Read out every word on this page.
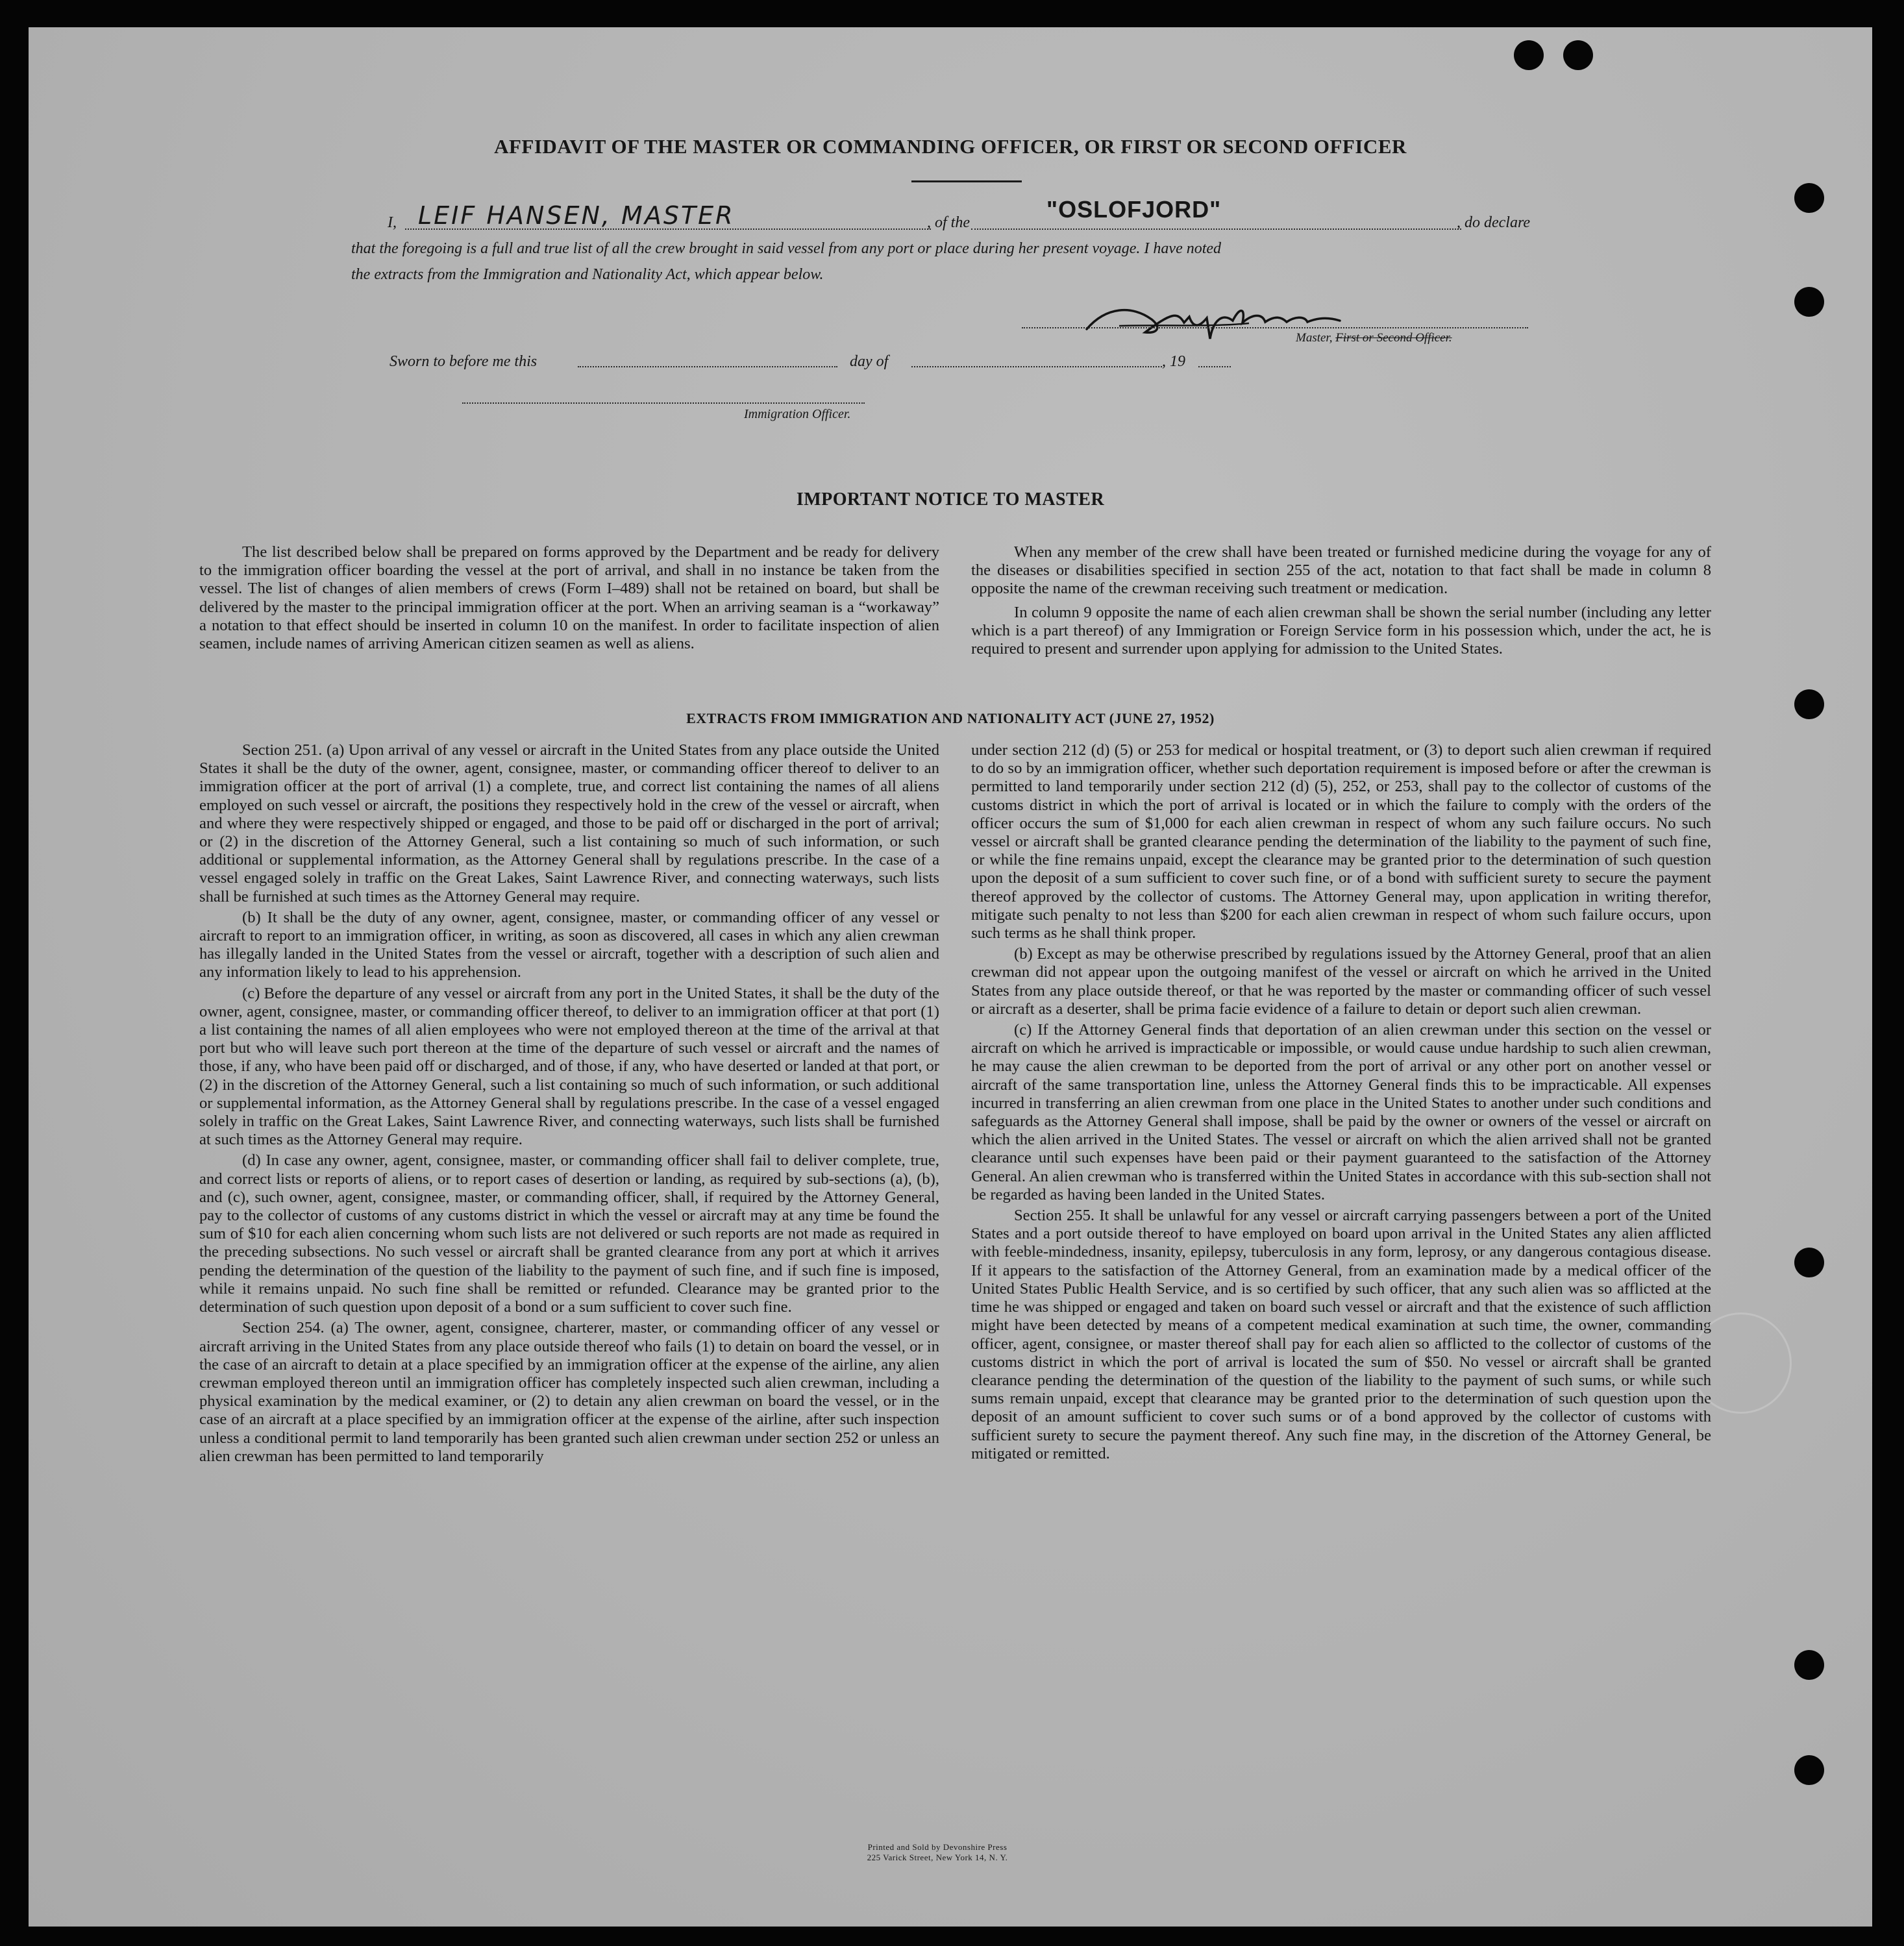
AFFIDAVIT OF THE MASTER OR COMMANDING OFFICER, OR FIRST OR SECOND OFFICER
I, LEIF HANSEN, MASTER	, of the	"OSLOFJORD"	, do declare
that the foregoing is a full and true list of all the crew brought in said vessel from any port or place during her present voyage. I have noted
the extracts from the Immigration and Nationality Act, which appear below.
Master, First or Second Officer.
Sworn to before me this	day of	, 19
Immigration Officer.
IMPORTANT NOTICE TO MASTER

The list described below shall be prepared on forms approved by the Department and be ready for delivery to the immigration officer boarding the vessel at the port of arrival, and shall in no instance be taken from the vessel. The list of changes of alien members of crews (Form I–489) shall not be retained on board, but shall be delivered by the master to the principal immigration officer at the port. When an arriving seaman is a “workaway” a notation to that effect should be inserted in column 10 on the manifest. In order to facilitate inspection of alien seamen, include names of arriving American citizen seamen as well as aliens.

When any member of the crew shall have been treated or furnished medicine during the voyage for any of the diseases or disabilities specified in section 255 of the act, notation to that fact shall be made in column 8 opposite the name of the crewman receiving such treatment or medication.

In column 9 opposite the name of each alien crewman shall be shown the serial number (including any letter which is a part thereof) of any Immigration or Foreign Service form in his possession which, under the act, he is required to present and surrender upon applying for admission to the United States.

EXTRACTS FROM IMMIGRATION AND NATIONALITY ACT (JUNE 27, 1952)

Section 251. (a) Upon arrival of any vessel or aircraft in the United States from any place outside the United States it shall be the duty of the owner, agent, consignee, master, or commanding officer thereof to deliver to an immigration officer at the port of arrival (1) a complete, true, and correct list containing the names of all aliens employed on such vessel or aircraft, the positions they respectively hold in the crew of the vessel or aircraft, when and where they were respectively shipped or engaged, and those to be paid off or discharged in the port of arrival; or (2) in the discretion of the Attorney General, such a list containing so much of such information, or such additional or supplemental information, as the Attorney General shall by regulations prescribe. In the case of a vessel engaged solely in traffic on the Great Lakes, Saint Lawrence River, and connecting waterways, such lists shall be furnished at such times as the Attorney General may require.

(b) It shall be the duty of any owner, agent, consignee, master, or commanding officer of any vessel or aircraft to report to an immigration officer, in writing, as soon as discovered, all cases in which any alien crewman has illegally landed in the United States from the vessel or aircraft, together with a description of such alien and any information likely to lead to his apprehension.

(c) Before the departure of any vessel or aircraft from any port in the United States, it shall be the duty of the owner, agent, consignee, master, or commanding officer thereof, to deliver to an immigration officer at that port (1) a list containing the names of all alien employees who were not employed thereon at the time of the arrival at that port but who will leave such port thereon at the time of the departure of such vessel or aircraft and the names of those, if any, who have been paid off or discharged, and of those, if any, who have deserted or landed at that port, or (2) in the discretion of the Attorney General, such a list containing so much of such information, or such additional or supplemental information, as the Attorney General shall by regulations prescribe. In the case of a vessel engaged solely in traffic on the Great Lakes, Saint Lawrence River, and connecting waterways, such lists shall be furnished at such times as the Attorney General may require.

(d) In case any owner, agent, consignee, master, or commanding officer shall fail to deliver complete, true, and correct lists or reports of aliens, or to report cases of desertion or landing, as required by sub-sections (a), (b), and (c), such owner, agent, consignee, master, or commanding officer, shall, if required by the Attorney General, pay to the collector of customs of any customs district in which the vessel or aircraft may at any time be found the sum of $10 for each alien concerning whom such lists are not delivered or such reports are not made as required in the preceding subsections. No such vessel or aircraft shall be granted clearance from any port at which it arrives pending the determination of the question of the liability to the payment of such fine, and if such fine is imposed, while it remains unpaid. No such fine shall be remitted or refunded. Clearance may be granted prior to the determination of such question upon deposit of a bond or a sum sufficient to cover such fine.

Section 254. (a) The owner, agent, consignee, charterer, master, or commanding officer of any vessel or aircraft arriving in the United States from any place outside thereof who fails (1) to detain on board the vessel, or in the case of an aircraft to detain at a place specified by an immigration officer at the expense of the airline, any alien crewman employed thereon until an immigration officer has completely inspected such alien crewman, including a physical examination by the medical examiner, or (2) to detain any alien crewman on board the vessel, or in the case of an aircraft at a place specified by an immigration officer at the expense of the airline, after such inspection unless a conditional permit to land temporarily has been granted such alien crewman under section 252 or unless an alien crewman has been permitted to land temporarily

under section 212 (d) (5) or 253 for medical or hospital treatment, or (3) to deport such alien crewman if required to do so by an immigration officer, whether such deportation requirement is imposed before or after the crewman is permitted to land temporarily under section 212 (d) (5), 252, or 253, shall pay to the collector of customs of the customs district in which the port of arrival is located or in which the failure to comply with the orders of the officer occurs the sum of $1,000 for each alien crewman in respect of whom any such failure occurs. No such vessel or aircraft shall be granted clearance pending the determination of the liability to the payment of such fine, or while the fine remains unpaid, except the clearance may be granted prior to the determination of such question upon the deposit of a sum sufficient to cover such fine, or of a bond with sufficient surety to secure the payment thereof approved by the collector of customs. The Attorney General may, upon application in writing therefor, mitigate such penalty to not less than $200 for each alien crewman in respect of whom such failure occurs, upon such terms as he shall think proper.

(b) Except as may be otherwise prescribed by regulations issued by the Attorney General, proof that an alien crewman did not appear upon the outgoing manifest of the vessel or aircraft on which he arrived in the United States from any place outside thereof, or that he was reported by the master or commanding officer of such vessel or aircraft as a deserter, shall be prima facie evidence of a failure to detain or deport such alien crewman.

(c) If the Attorney General finds that deportation of an alien crewman under this section on the vessel or aircraft on which he arrived is impracticable or impossible, or would cause undue hardship to such alien crewman, he may cause the alien crewman to be deported from the port of arrival or any other port on another vessel or aircraft of the same transportation line, unless the Attorney General finds this to be impracticable. All expenses incurred in transferring an alien crewman from one place in the United States to another under such conditions and safeguards as the Attorney General shall impose, shall be paid by the owner or owners of the vessel or aircraft on which the alien arrived in the United States. The vessel or aircraft on which the alien arrived shall not be granted clearance until such expenses have been paid or their payment guaranteed to the satisfaction of the Attorney General. An alien crewman who is transferred within the United States in accordance with this sub-section shall not be regarded as having been landed in the United States.

Section 255. It shall be unlawful for any vessel or aircraft carrying passengers between a port of the United States and a port outside thereof to have employed on board upon arrival in the United States any alien afflicted with feeble-mindedness, insanity, epilepsy, tuberculosis in any form, leprosy, or any dangerous contagious disease. If it appears to the satisfaction of the Attorney General, from an examination made by a medical officer of the United States Public Health Service, and is so certified by such officer, that any such alien was so afflicted at the time he was shipped or engaged and taken on board such vessel or aircraft and that the existence of such affliction might have been detected by means of a competent medical examination at such time, the owner, commanding officer, agent, consignee, or master thereof shall pay for each alien so afflicted to the collector of customs of the customs district in which the port of arrival is located the sum of $50. No vessel or aircraft shall be granted clearance pending the determination of the question of the liability to the payment of such sums, or while such sums remain unpaid, except that clearance may be granted prior to the determination of such question upon the deposit of an amount sufficient to cover such sums or of a bond approved by the collector of customs with sufficient surety to secure the payment thereof. Any such fine may, in the discretion of the Attorney General, be mitigated or remitted.

Printed and Sold by Devonshire Press
225 Varick Street, New York 14, N. Y.
